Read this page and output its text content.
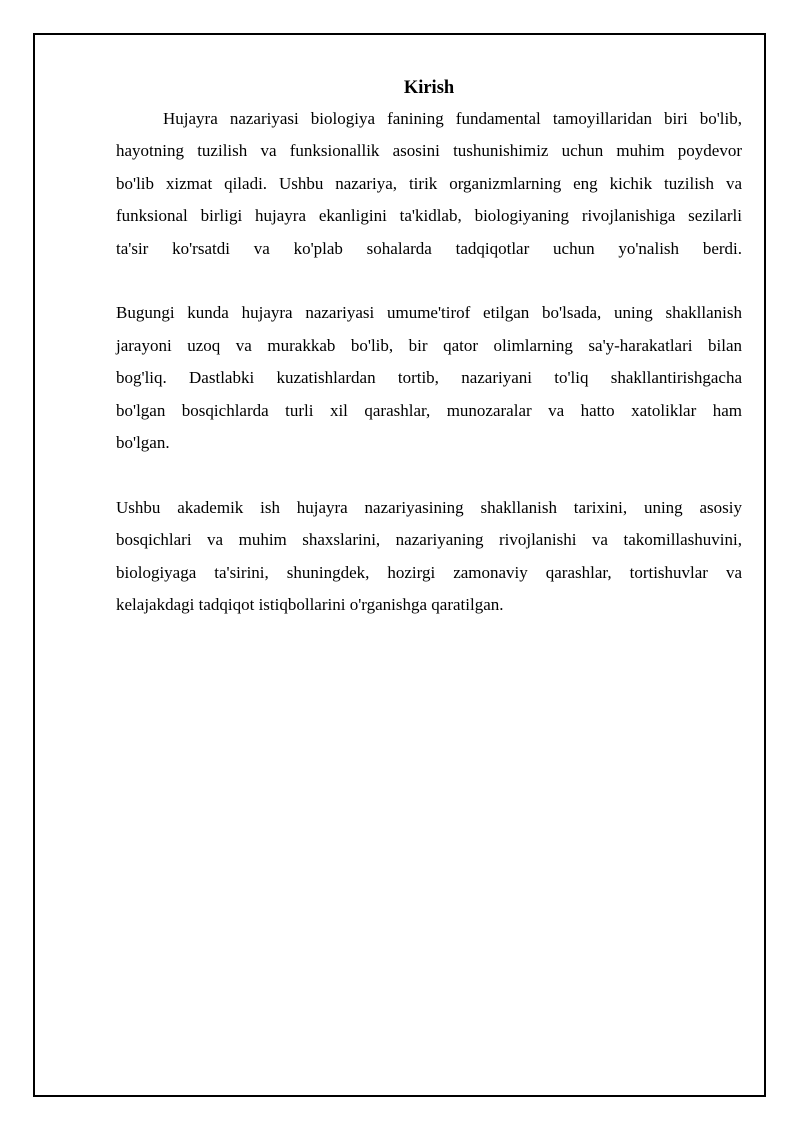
Kirish
Hujayra nazariyasi biologiya fanining fundamental tamoyillaridan biri bo'lib,
hayotning tuzilish va funksionallik asosini tushunishimiz uchun muhim poydevor
bo'lib xizmat qiladi. Ushbu nazariya, tirik organizmlarning eng kichik tuzilish va
funksional birligi hujayra ekanligini ta'kidlab, biologiyaning rivojlanishiga sezilarli
ta'sir ko'rsatdi va ko'plab sohalarda tadqiqotlar uchun yo'nalish berdi.
Bugungi kunda hujayra nazariyasi umume'tirof etilgan bo'lsada, uning shakllanish
jarayoni uzoq va murakkab bo'lib, bir qator olimlarning sa'y-harakatlari bilan
bog'liq. Dastlabki kuzatishlardan tortib, nazariyani to'liq shakllantirishgacha
bo'lgan bosqichlarda turli xil qarashlar, munozaralar va hatto xatoliklar ham
bo'lgan.
Ushbu akademik ish hujayra nazariyasining shakllanish tarixini, uning asosiy
bosqichlari va muhim shaxslarini, nazariyaning rivojlanishi va takomillashuvini,
biologiyaga ta'sirini, shuningdek, hozirgi zamonaviy qarashlar, tortishuvlar va
kelajakdagi tadqiqot istiqbollarini o'rganishga qaratilgan.
